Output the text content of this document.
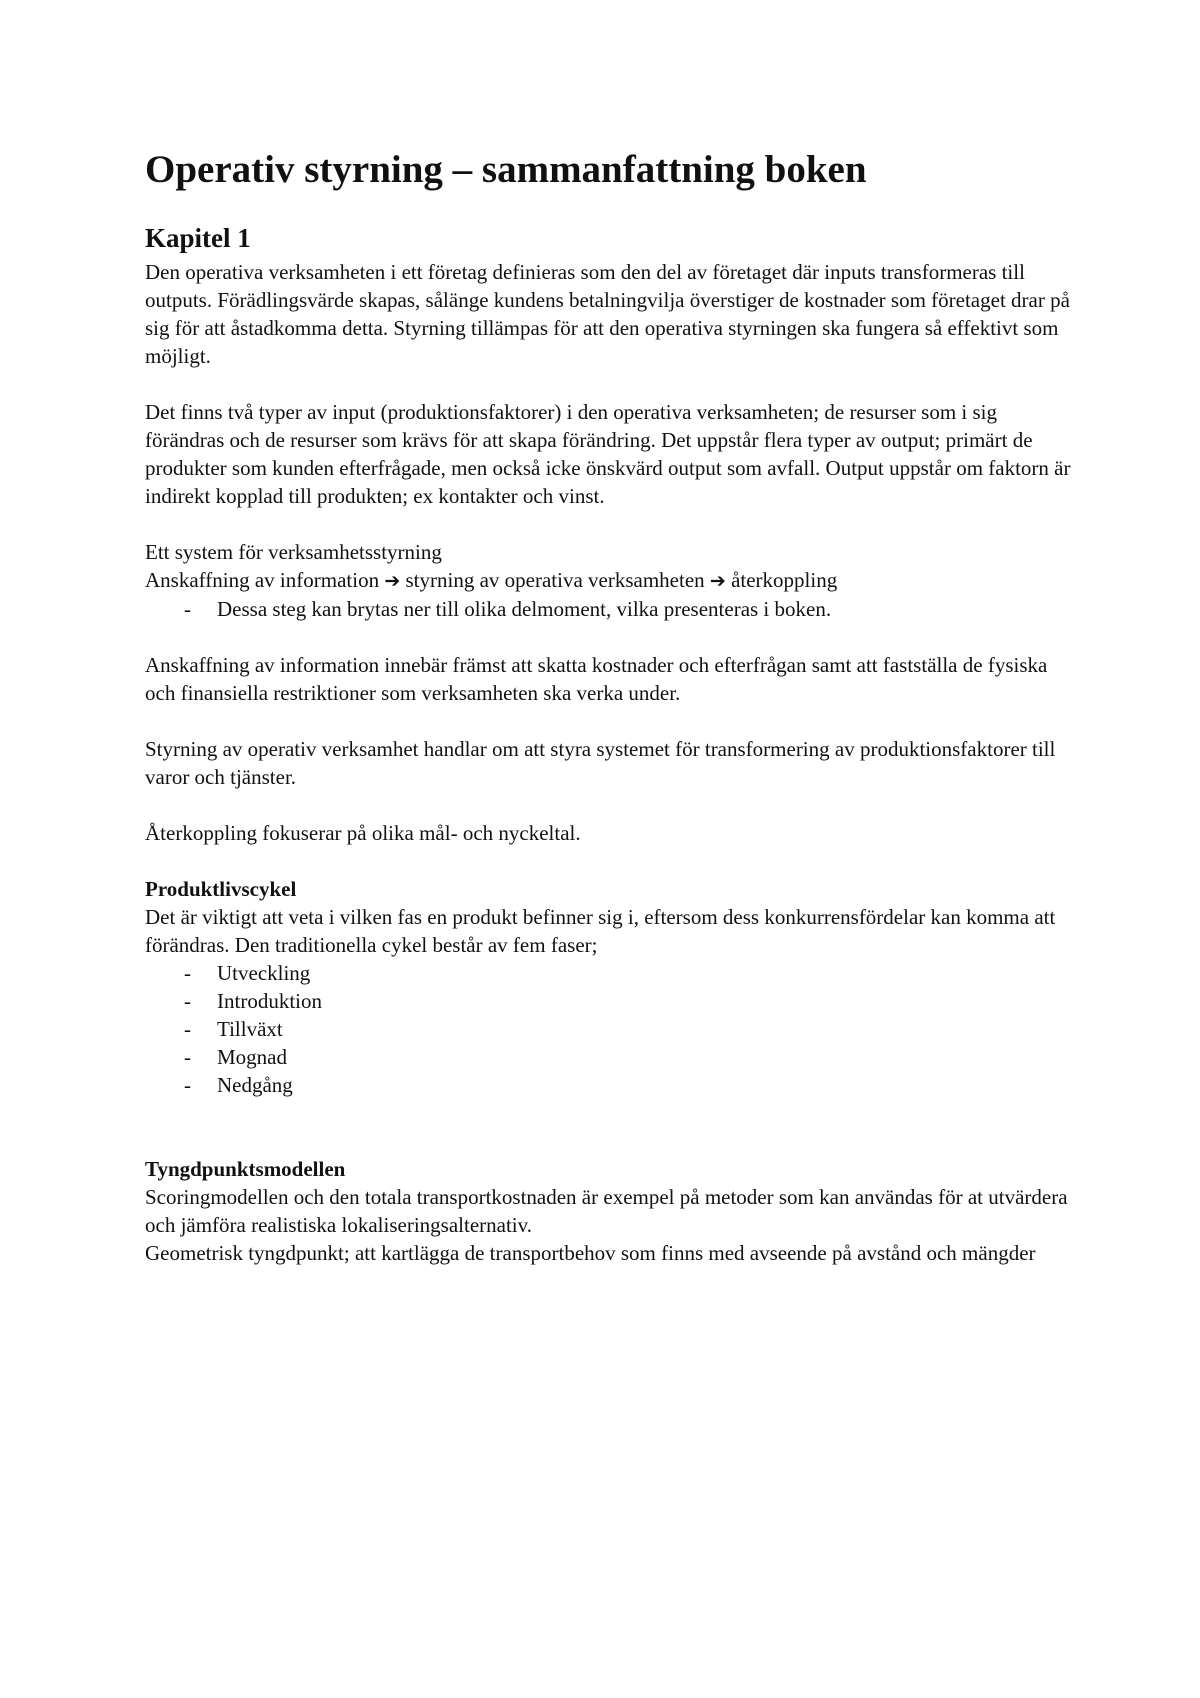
Operativ styrning – sammanfattning boken
Kapitel 1

Den operativa verksamheten i ett företag definieras som den del av företaget där inputs transformeras till outputs. Förädlingsvärde skapas, sålänge kundens betalningvilja överstiger de kostnader som företaget drar på sig för att åstadkomma detta. Styrning tillämpas för att den operativa styrningen ska fungera så effektivt som möjligt.

Det finns två typer av input (produktionsfaktorer) i den operativa verksamheten; de resurser som i sig förändras och de resurser som krävs för att skapa förändring. Det uppstår flera typer av output; primärt de produkter som kunden efterfrågade, men också icke önskvärd output som avfall. Output uppstår om faktorn är indirekt kopplad till produkten; ex kontakter och vinst.

Ett system för verksamhetsstyrning

Anskaffning av information ➔ styrning av operativa verksamheten ➔ återkoppling

- Dessa steg kan brytas ner till olika delmoment, vilka presenteras i boken.

Anskaffning av information innebär främst att skatta kostnader och efterfrågan samt att fastställa de fysiska och finansiella restriktioner som verksamheten ska verka under.

Styrning av operativ verksamhet handlar om att styra systemet för transformering av produktionsfaktorer till varor och tjänster.

Återkoppling fokuserar på olika mål- och nyckeltal.

Produktlivscykel

Det är viktigt att veta i vilken fas en produkt befinner sig i, eftersom dess konkurrensfördelar kan komma att förändras. Den traditionella cykel består av fem faser;

- Utveckling
- Introduktion
- Tillväxt
- Mognad
- Nedgång
Tyngdpunktsmodellen

Scoringmodellen och den totala transportkostnaden är exempel på metoder som kan användas för at utvärdera och jämföra realistiska lokaliseringsalternativ.

Geometrisk tyngdpunkt; att kartlägga de transportbehov som finns med avseende på avstånd och mängder
